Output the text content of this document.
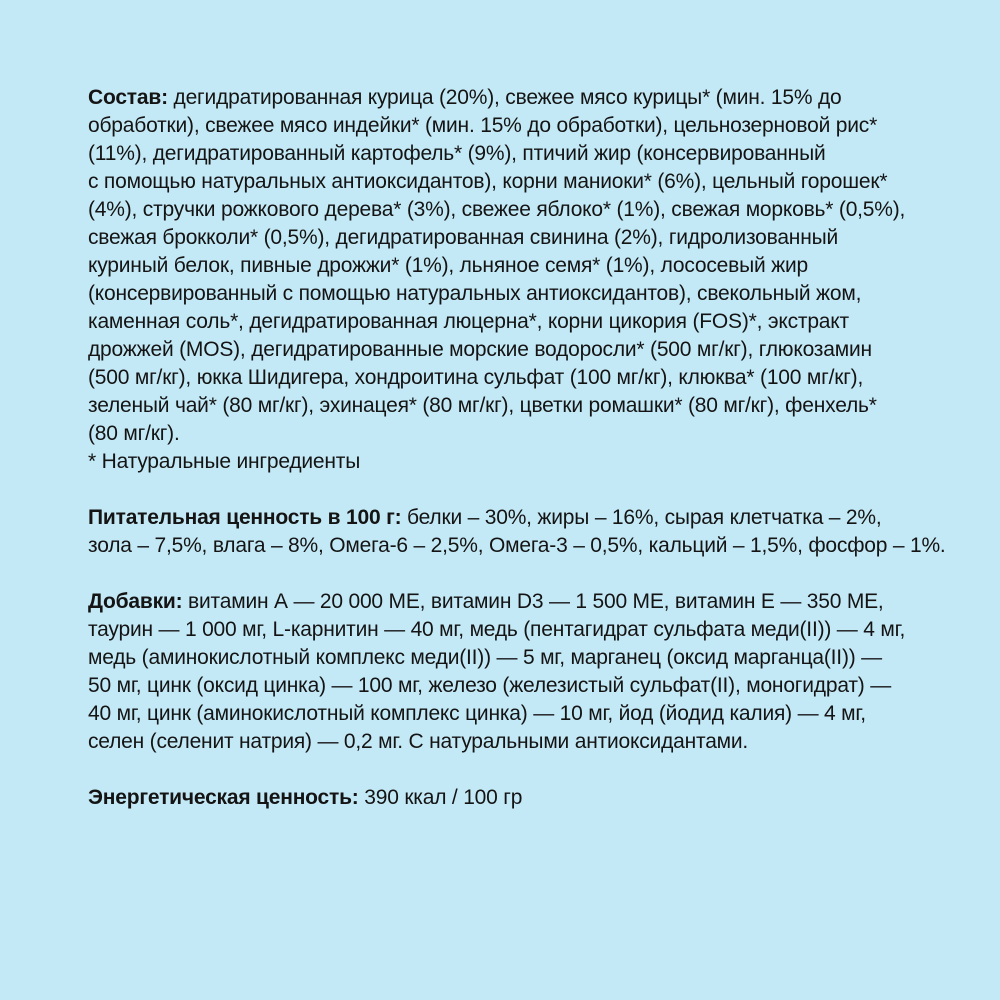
Состав: дегидратированная курица (20%), свежее мясо курицы* (мин. 15% до
обработки), свежее мясо индейки* (мин. 15% до обработки), цельнозерновой рис*
(11%), дегидратированный картофель* (9%), птичий жир (консервированный
с помощью натуральных антиоксидантов), корни маниоки* (6%), цельный горошек*
(4%), стручки рожкового дерева* (3%), свежее яблоко* (1%), свежая морковь* (0,5%),
свежая брокколи* (0,5%), дегидратированная свинина (2%), гидролизованный
куриный белок, пивные дрожжи* (1%), льняное семя* (1%), лососевый жир
(консервированный с помощью натуральных антиоксидантов), свекольный жом,
каменная соль*, дегидратированная люцерна*, корни цикория (FOS)*, экстракт
дрожжей (MOS), дегидратированные морские водоросли* (500 мг/кг), глюкозамин
(500 мг/кг), юкка Шидигера, хондроитина сульфат (100 мг/кг), клюква* (100 мг/кг),
зеленый чай* (80 мг/кг), эхинацея* (80 мг/кг), цветки ромашки* (80 мг/кг), фенхель*
(80 мг/кг).
* Натуральные ингредиенты
Питательная ценность в 100 г: белки – 30%, жиры – 16%, сырая клетчатка – 2%,
зола – 7,5%, влага – 8%, Омега-6 – 2,5%, Омега-3 – 0,5%, кальций – 1,5%, фосфор – 1%.
Добавки: витамин А — 20 000 МЕ, витамин D3 — 1 500 МЕ, витамин Е — 350 МЕ,
таурин — 1 000 мг, L-карнитин — 40 мг, медь (пентагидрат сульфата меди(II)) — 4 мг,
медь (аминокислотный комплекс меди(II)) — 5 мг, марганец (оксид марганца(II)) —
50 мг, цинк (оксид цинка) — 100 мг, железо (железистый сульфат(II), моногидрат) —
40 мг, цинк (аминокислотный комплекс цинка) — 10 мг, йод (йодид калия) — 4 мг,
селен (селенит натрия) — 0,2 мг. С натуральными антиоксидантами.
Энергетическая ценность: 390 ккал / 100 гр
